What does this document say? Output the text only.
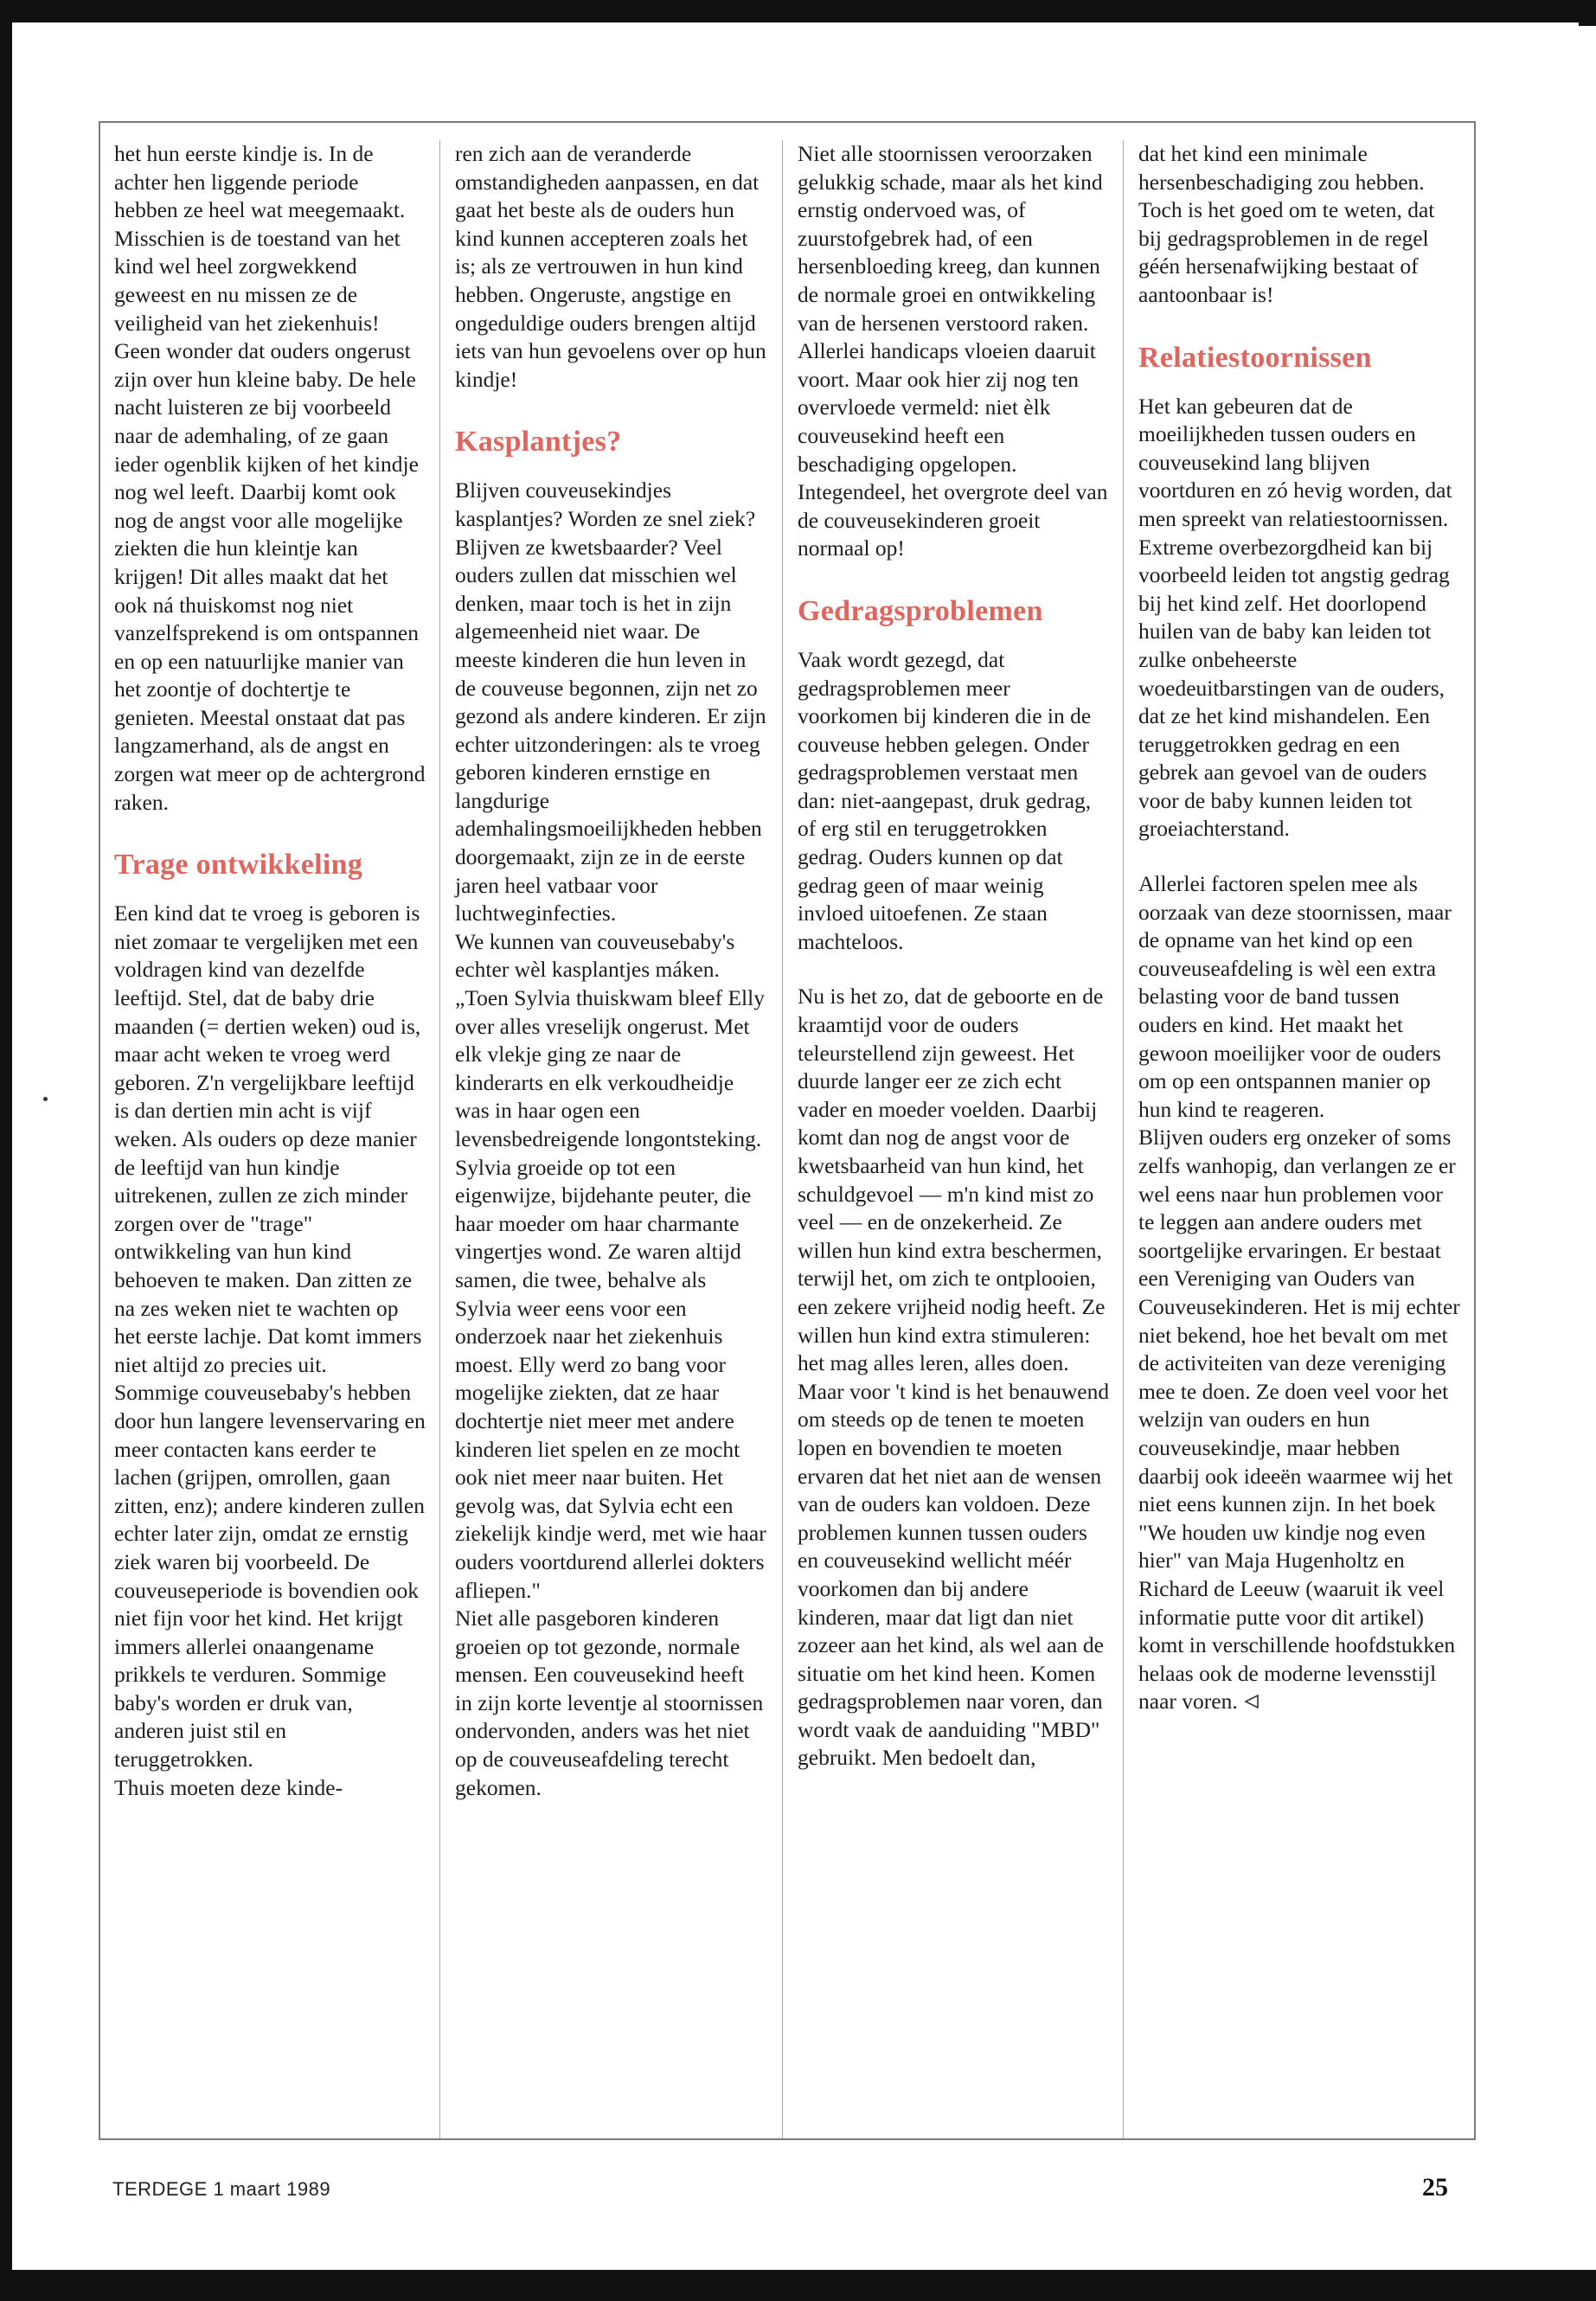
het hun eerste kindje is. In de achter hen liggende periode hebben ze heel wat meegemaakt. Misschien is de toestand van het kind wel heel zorgwekkend geweest en nu missen ze de veiligheid van het ziekenhuis! Geen wonder dat ouders ongerust zijn over hun kleine baby. De hele nacht luisteren ze bij voorbeeld naar de ademhaling, of ze gaan ieder ogenblik kijken of het kindje nog wel leeft. Daarbij komt ook nog de angst voor alle mogelijke ziekten die hun kleintje kan krijgen! Dit alles maakt dat het ook ná thuiskomst nog niet vanzelfsprekend is om ontspannen en op een natuurlijke manier van het zoontje of dochtertje te genieten. Meestal onstaat dat pas langzamerhand, als de angst en zorgen wat meer op de achtergrond raken.

Trage ontwikkeling

Een kind dat te vroeg is geboren is niet zomaar te vergelijken met een voldragen kind van dezelfde leeftijd. Stel, dat de baby drie maanden (= dertien weken) oud is, maar acht weken te vroeg werd geboren. Z'n vergelijkbare leeftijd is dan dertien min acht is vijf weken. Als ouders op deze manier de leeftijd van hun kindje uitrekenen, zullen ze zich minder zorgen over de "trage" ontwikkeling van hun kind behoeven te maken. Dan zitten ze na zes weken niet te wachten op het eerste lachje. Dat komt immers niet altijd zo precies uit.

Sommige couveusebaby's hebben door hun langere levenservaring en meer contacten kans eerder te lachen (grijpen, omrollen, gaan zitten, enz); andere kinderen zullen echter later zijn, omdat ze ernstig ziek waren bij voorbeeld. De couveuseperiode is bovendien ook niet fijn voor het kind. Het krijgt immers allerlei onaangename prikkels te verduren. Sommige baby's worden er druk van, anderen juist stil en teruggetrokken.

Thuis moeten deze kinde-

ren zich aan de veranderde omstandigheden aanpassen, en dat gaat het beste als de ouders hun kind kunnen accepteren zoals het is; als ze vertrouwen in hun kind hebben. Ongeruste, angstige en ongeduldige ouders brengen altijd iets van hun gevoelens over op hun kindje!

Kasplantjes?

Blijven couveusekindjes kasplantjes? Worden ze snel ziek? Blijven ze kwetsbaarder? Veel ouders zullen dat misschien wel denken, maar toch is het in zijn algemeenheid niet waar. De meeste kinderen die hun leven in de couveuse begonnen, zijn net zo gezond als andere kinderen. Er zijn echter uitzonderingen: als te vroeg geboren kinderen ernstige en langdurige ademhalingsmoeilijkheden hebben doorgemaakt, zijn ze in de eerste jaren heel vatbaar voor luchtweginfecties.

We kunnen van couveusebaby's echter wèl kasplantjes máken. „Toen Sylvia thuiskwam bleef Elly over alles vreselijk ongerust. Met elk vlekje ging ze naar de kinderarts en elk verkoudheidje was in haar ogen een levensbedreigende longontsteking. Sylvia groeide op tot een eigenwijze, bijdehante peuter, die haar moeder om haar charmante vingertjes wond. Ze waren altijd samen, die twee, behalve als Sylvia weer eens voor een onderzoek naar het ziekenhuis moest. Elly werd zo bang voor mogelijke ziekten, dat ze haar dochtertje niet meer met andere kinderen liet spelen en ze mocht ook niet meer naar buiten. Het gevolg was, dat Sylvia echt een ziekelijk kindje werd, met wie haar ouders voortdurend allerlei dokters afliepen."

Niet alle pasgeboren kinderen groeien op tot gezonde, normale mensen. Een couveusekind heeft in zijn korte leventje al stoornissen ondervonden, anders was het niet op de couveuseafdeling terecht gekomen.

Niet alle stoornissen veroorzaken gelukkig schade, maar als het kind ernstig ondervoed was, of zuurstofgebrek had, of een hersenbloeding kreeg, dan kunnen de normale groei en ontwikkeling van de hersenen verstoord raken. Allerlei handicaps vloeien daaruit voort. Maar ook hier zij nog ten overvloede vermeld: niet èlk couveusekind heeft een beschadiging opgelopen. Integendeel, het overgrote deel van de couveusekinderen groeit normaal op!

Gedragsproblemen

Vaak wordt gezegd, dat gedragsproblemen meer voorkomen bij kinderen die in de couveuse hebben gelegen. Onder gedragsproblemen verstaat men dan: niet-aangepast, druk gedrag, of erg stil en teruggetrokken gedrag. Ouders kunnen op dat gedrag geen of maar weinig invloed uitoefenen. Ze staan machteloos.

Nu is het zo, dat de geboorte en de kraamtijd voor de ouders teleurstellend zijn geweest. Het duurde langer eer ze zich echt vader en moeder voelden. Daarbij komt dan nog de angst voor de kwetsbaarheid van hun kind, het schuldgevoel — m'n kind mist zo veel — en de onzekerheid. Ze willen hun kind extra beschermen, terwijl het, om zich te ontplooien, een zekere vrijheid nodig heeft. Ze willen hun kind extra stimuleren: het mag alles leren, alles doen. Maar voor 't kind is het benauwend om steeds op de tenen te moeten lopen en bovendien te moeten ervaren dat het niet aan de wensen van de ouders kan voldoen. Deze problemen kunnen tussen ouders en couveusekind wellicht méér voorkomen dan bij andere kinderen, maar dat ligt dan niet zozeer aan het kind, als wel aan de situatie om het kind heen. Komen gedragsproblemen naar voren, dan wordt vaak de aanduiding "MBD" gebruikt. Men bedoelt dan,

dat het kind een minimale hersenbeschadiging zou hebben. Toch is het goed om te weten, dat bij gedragsproblemen in de regel géén hersenafwijking bestaat of aantoonbaar is!

Relatiestoornissen

Het kan gebeuren dat de moeilijkheden tussen ouders en couveusekind lang blijven voortduren en zó hevig worden, dat men spreekt van relatiestoornissen. Extreme overbezorgdheid kan bij voorbeeld leiden tot angstig gedrag bij het kind zelf. Het doorlopend huilen van de baby kan leiden tot zulke onbeheerste woedeuitbarstingen van de ouders, dat ze het kind mishandelen. Een teruggetrokken gedrag en een gebrek aan gevoel van de ouders voor de baby kunnen leiden tot groeiachterstand.

Allerlei factoren spelen mee als oorzaak van deze stoornissen, maar de opname van het kind op een couveuseafdeling is wèl een extra belasting voor de band tussen ouders en kind. Het maakt het gewoon moeilijker voor de ouders om op een ontspannen manier op hun kind te reageren.

Blijven ouders erg onzeker of soms zelfs wanhopig, dan verlangen ze er wel eens naar hun problemen voor te leggen aan andere ouders met soortgelijke ervaringen. Er bestaat een Vereniging van Ouders van Couveusekinderen. Het is mij echter niet bekend, hoe het bevalt om met de activiteiten van deze vereniging mee te doen. Ze doen veel voor het welzijn van ouders en hun couveusekindje, maar hebben daarbij ook ideeën waarmee wij het niet eens kunnen zijn. In het boek "We houden uw kindje nog even hier" van Maja Hugenholtz en Richard de Leeuw (waaruit ik veel informatie putte voor dit artikel) komt in verschillende hoofdstukken helaas ook de moderne levensstijl naar voren.

TERDEGE 1 maart 1989	25
